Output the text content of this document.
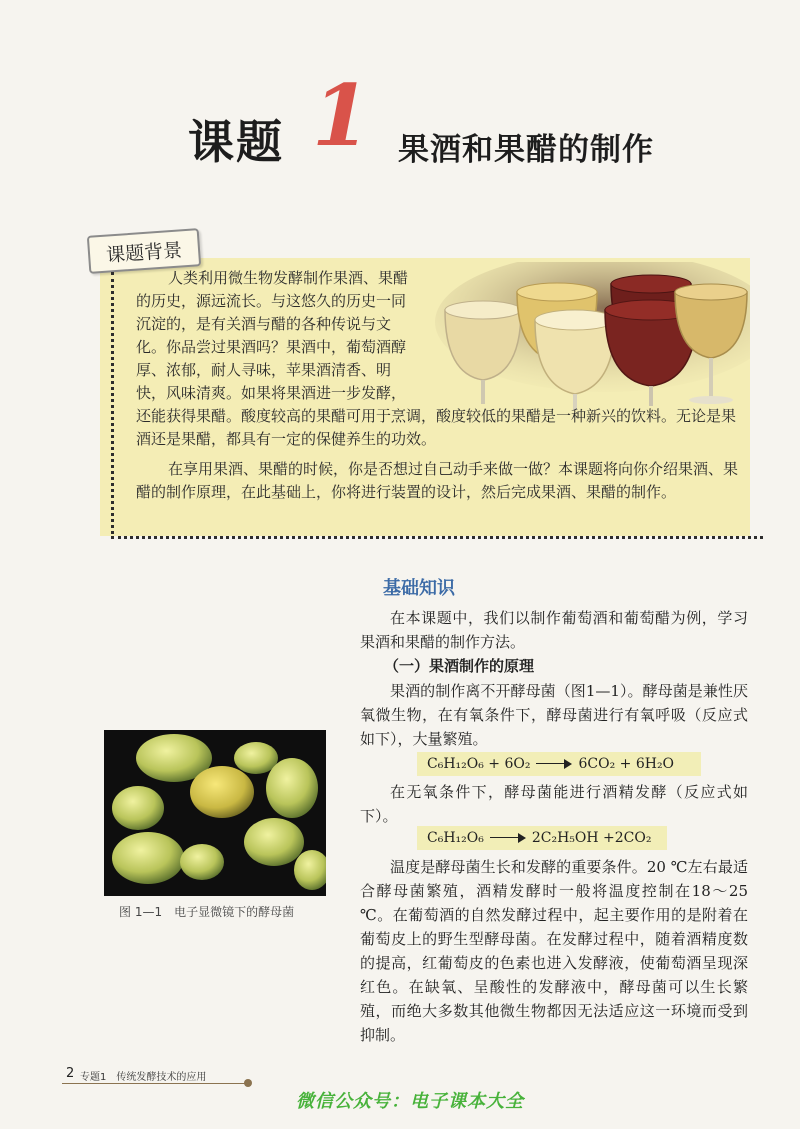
课题 1 果酒和果醋的制作
课题背景

人类利用微生物发酵制作果酒、果醋的历史，源远流长。与这悠久的历史一同沉淀的，是有关酒与醋的各种传说与文化。你品尝过果酒吗？果酒中，葡萄酒醇厚、浓郁，耐人寻味，苹果酒清香、明快，风味清爽。如果将果酒进一步发酵，

还能获得果醋。酸度较高的果醋可用于烹调，酸度较低的果醋是一种新兴的饮料。无论是果酒还是果醋，都具有一定的保健养生的功效。

在享用果酒、果醋的时候，你是否想过自己动手来做一做？本课题将向你介绍果酒、果醋的制作原理，在此基础上，你将进行装置的设计，然后完成果酒、果醋的制作。

基础知识

在本课题中，我们以制作葡萄酒和葡萄醋为例，学习果酒和果醋的制作方法。

（一）果酒制作的原理

果酒的制作离不开酵母菌（图1—1）。酵母菌是兼性厌氧微生物，在有氧条件下，酵母菌进行有氧呼吸（反应式如下），大量繁殖。

C₆H₁₂O₆ + 6O₂	6CO₂ + 6H₂O

在无氧条件下，酵母菌能进行酒精发酵（反应式如下）。

C₆H₁₂O₆	2C₂H₅OH +2CO₂

温度是酵母菌生长和发酵的重要条件。20 ℃左右最适合酵母菌繁殖，酒精发酵时一般将温度控制在18～25 ℃。在葡萄酒的自然发酵过程中，起主要作用的是附着在葡萄皮上的野生型酵母菌。在发酵过程中，随着酒精度数的提高，红葡萄皮的色素也进入发酵液，使葡萄酒呈现深红色。在缺氧、呈酸性的发酵液中，酵母菌可以生长繁殖，而绝大多数其他微生物都因无法适应这一环境而受到抑制。

图 1—1　电子显微镜下的酵母菌
2 专题1　传统发酵技术的应用
微信公众号：电子课本大全
